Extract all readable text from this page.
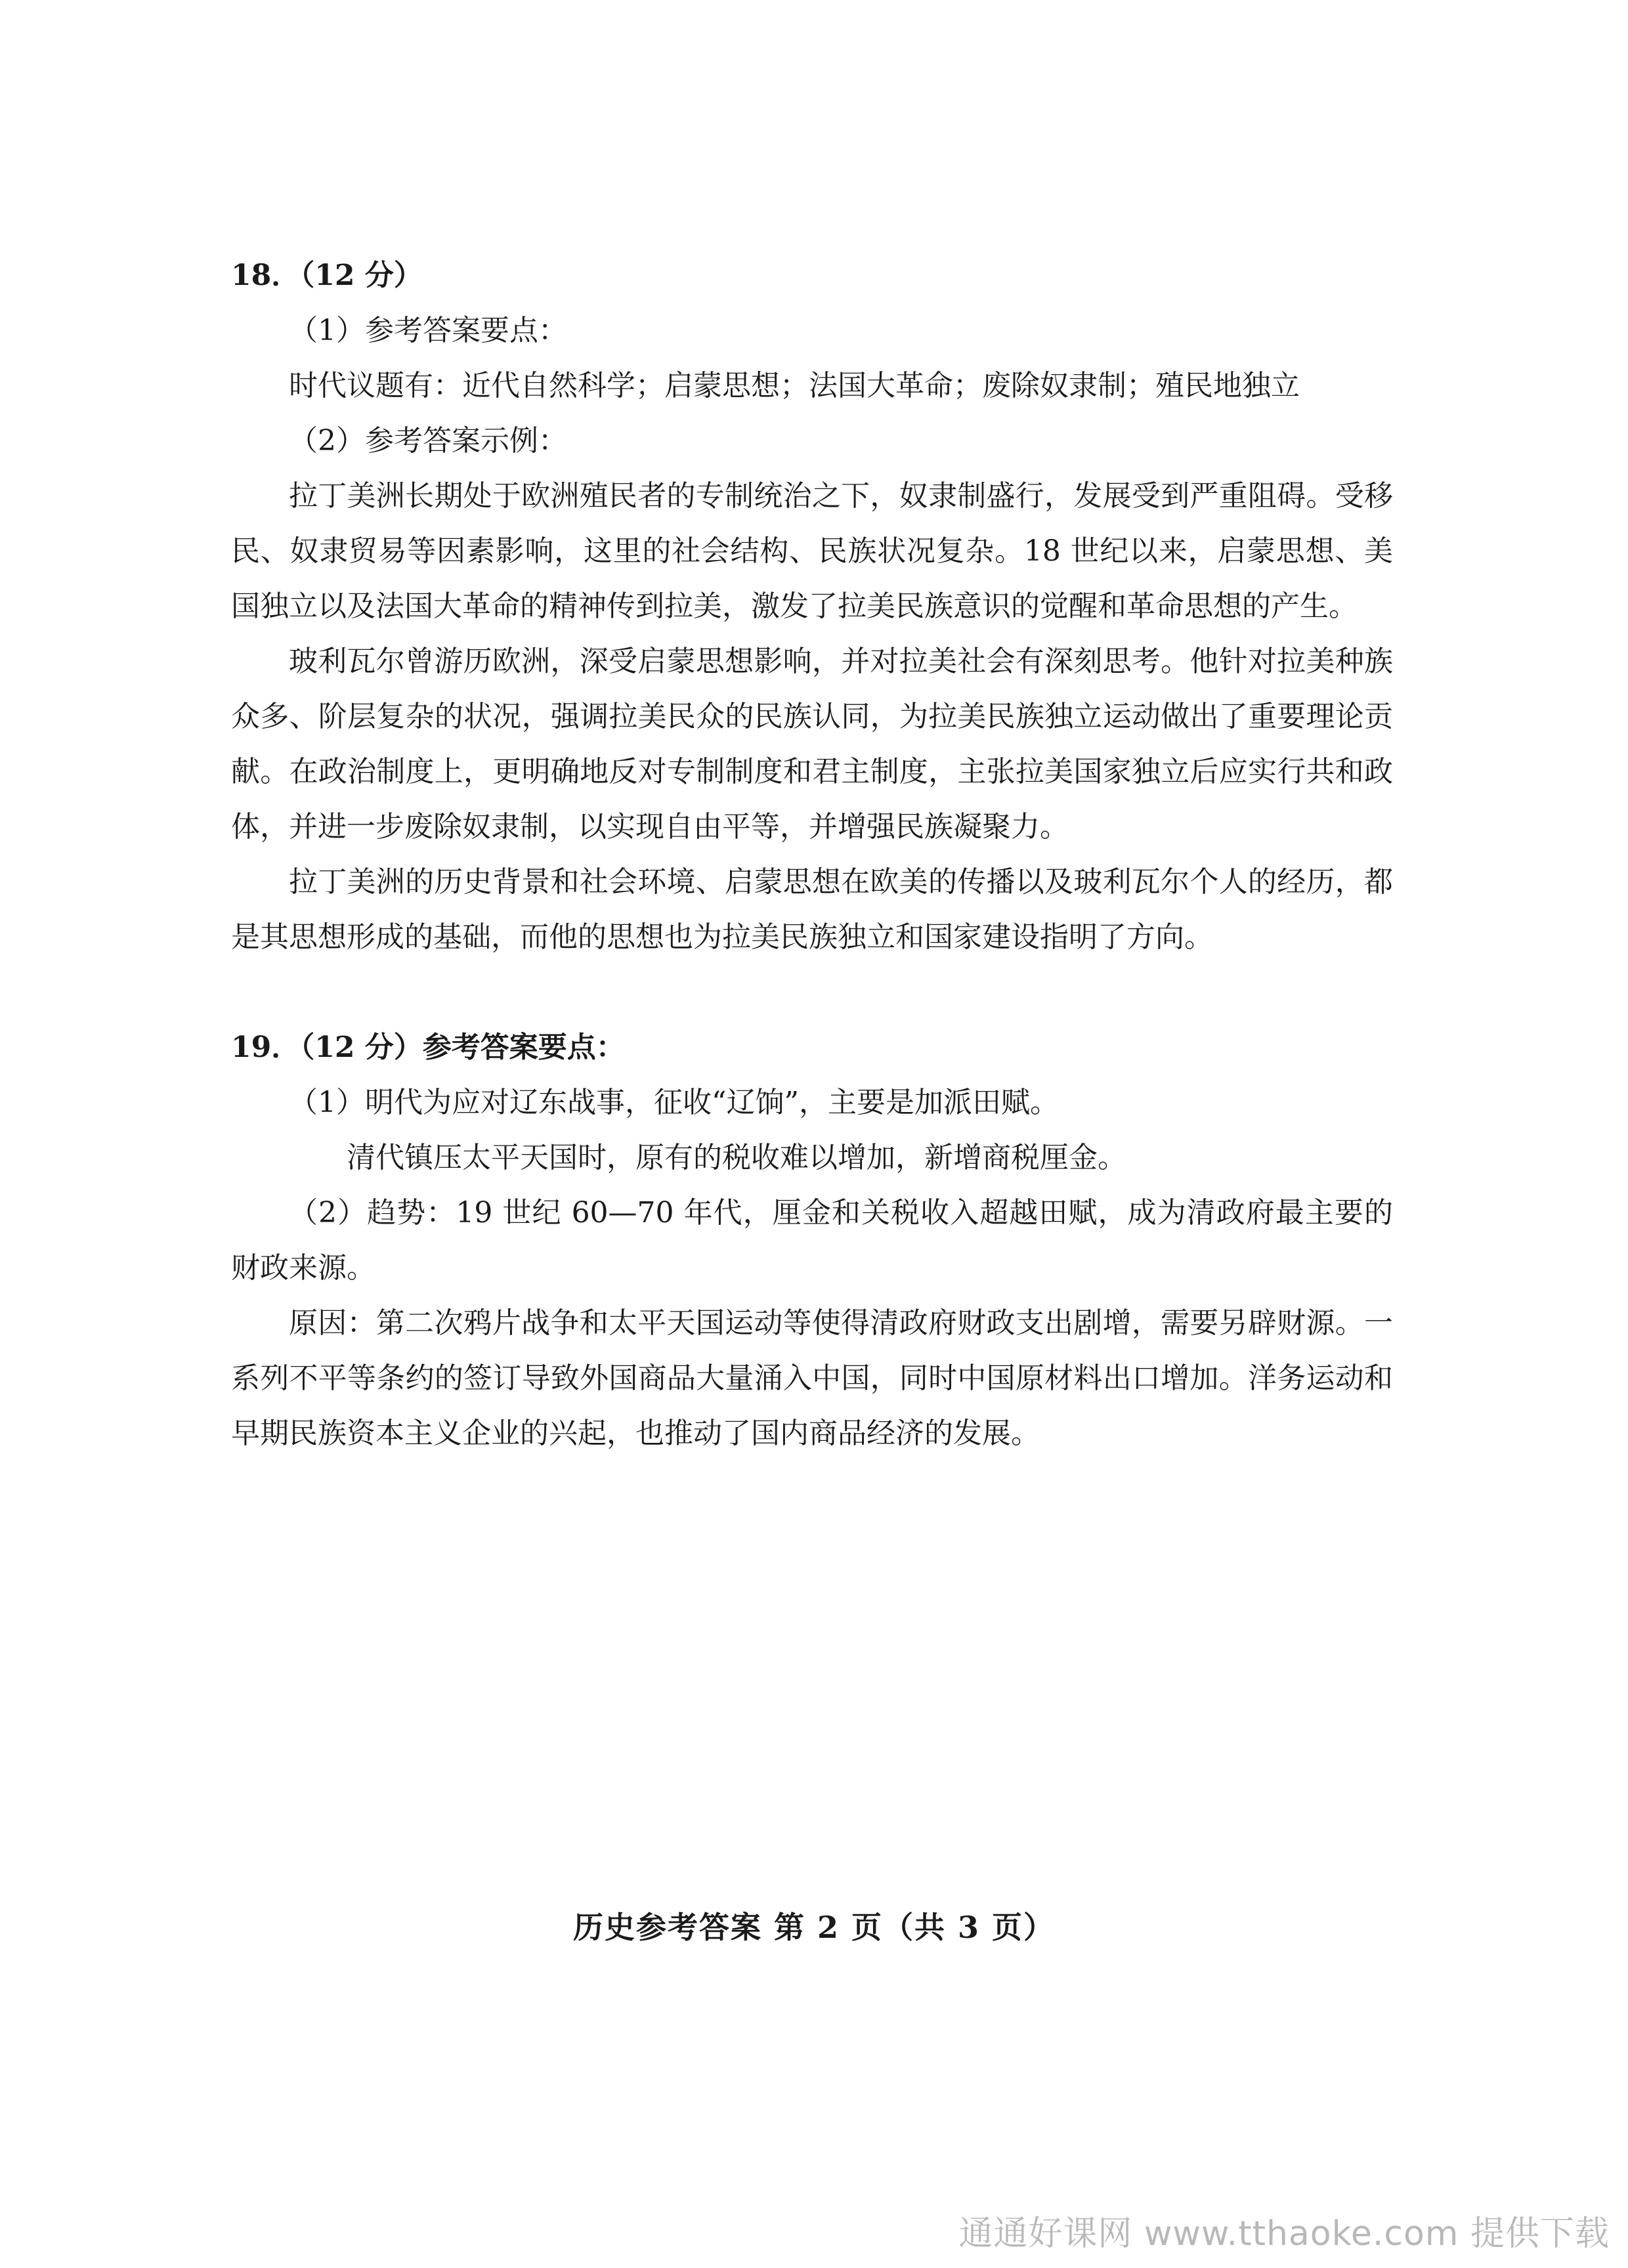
18．（12 分）

（1）参考答案要点：

时代议题有：近代自然科学；启蒙思想；法国大革命；废除奴隶制；殖民地独立

（2）参考答案示例：

拉丁美洲长期处于欧洲殖民者的专制统治之下，奴隶制盛行，发展受到严重阻碍。受移民、奴隶贸易等因素影响，这里的社会结构、民族状况复杂。18 世纪以来，启蒙思想、美国独立以及法国大革命的精神传到拉美，激发了拉美民族意识的觉醒和革命思想的产生。

玻利瓦尔曾游历欧洲，深受启蒙思想影响，并对拉美社会有深刻思考。他针对拉美种族众多、阶层复杂的状况，强调拉美民众的民族认同，为拉美民族独立运动做出了重要理论贡献。在政治制度上，更明确地反对专制制度和君主制度，主张拉美国家独立后应实行共和政体，并进一步废除奴隶制，以实现自由平等，并增强民族凝聚力。

拉丁美洲的历史背景和社会环境、启蒙思想在欧美的传播以及玻利瓦尔个人的经历，都是其思想形成的基础，而他的思想也为拉美民族独立和国家建设指明了方向。

19．（12 分）参考答案要点：

（1）明代为应对辽东战事，征收“辽饷”，主要是加派田赋。

清代镇压太平天国时，原有的税收难以增加，新增商税厘金。

（2）趋势：19 世纪 60—70 年代，厘金和关税收入超越田赋，成为清政府最主要的财政来源。

原因：第二次鸦片战争和太平天国运动等使得清政府财政支出剧增，需要另辟财源。一系列不平等条约的签订导致外国商品大量涌入中国，同时中国原材料出口增加。洋务运动和早期民族资本主义企业的兴起，也推动了国内商品经济的发展。

历史参考答案 第 2 页（共 3 页）
通通好课网 www.tthaoke.com 提供下载
